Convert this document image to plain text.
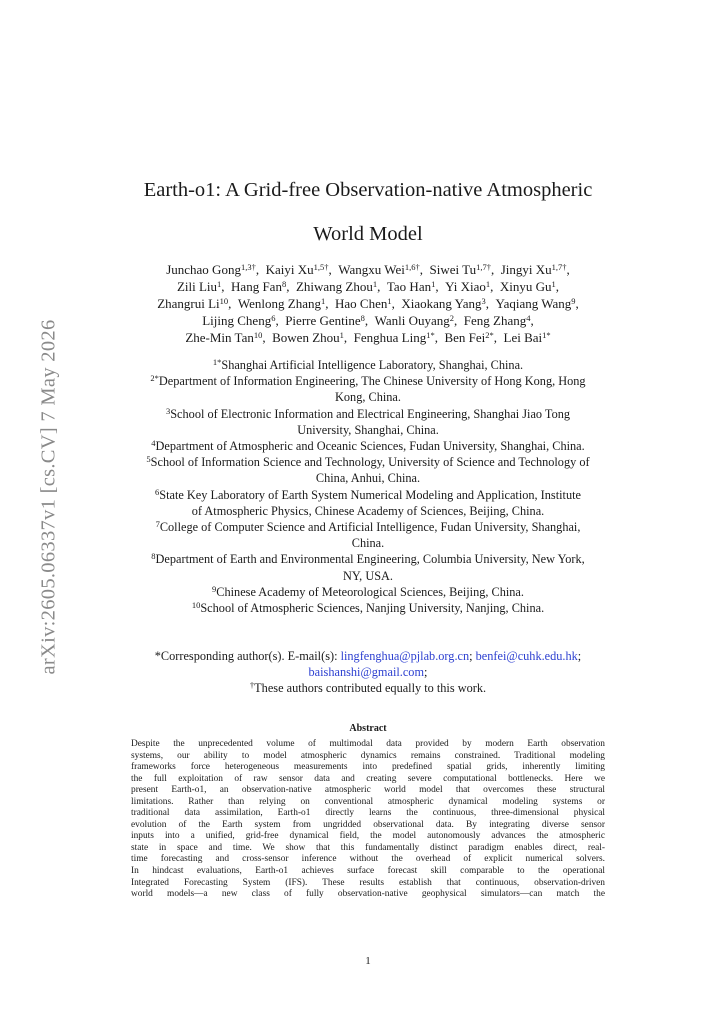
arXiv:2605.06337v1 [cs.CV] 7 May 2026
Earth-o1: A Grid-free Observation-native Atmospheric
World Model
Junchao Gong$^{1,3\dagger}$,  Kaiyi $Xu^{1,5\dagger}$,  Wangxu Wei$^{1,6\dagger}$,  Siwei $Tu^{1,7\dagger}$,  Jingyi $Xu^{1,7\dagger}$,
Zili Liu$^1$,  Hang Fan$^8$,  Zhiwang Zhou$^1$,  Tao Han$^1$,  Yi Xiao$^1$,  Xinyu Gu$^1$,
Zhangrui Li$^{10}$,  Wenlong Zhang$^1$,  Hao Chen$^1$,  Xiaokang Yang$^3$,  Yaqiang Wang$^9$,
Lijing Cheng$^6$,  Pierre Gentine$^8$,  Wanli Ouyang$^2$,  Feng Zhang$^4$,
Zhe-Min Tan$^{10}$,  Bowen Zhou$^1$,  Fenghua Ling$^{1*}$,  Ben Fei$^{2*}$,  Lei Bai$^{1*}$
$^{1*}$Shanghai Artificial Intelligence Laboratory, Shanghai, China.
$^{2*}$Department of Information Engineering, The Chinese University of Hong Kong, Hong
Kong, China.
$^3$School of Electronic Information and Electrical Engineering, Shanghai Jiao Tong
University, Shanghai, China.
$^4$Department of Atmospheric and Oceanic Sciences, Fudan University, Shanghai, China.
$^5$School of Information Science and Technology, University of Science and Technology of
China, Anhui, China.
$^6$State Key Laboratory of Earth System Numerical Modeling and Application, Institute
of Atmospheric Physics, Chinese Academy of Sciences, Beijing, China.
$^7$College of Computer Science and Artificial Intelligence, Fudan University, Shanghai,
China.
$^8$Department of Earth and Environmental Engineering, Columbia University, New York,
NY, USA.
$^9$Chinese Academy of Meteorological Sciences, Beijing, China.
$^{10}$School of Atmospheric Sciences, Nanjing University, Nanjing, China.
*Corresponding author(s). E-mail(s): lingfenghua@pjlab.org.cn; benfei@cuhk.edu.hk;
baishanshi@gmail.com;
†These authors contributed equally to this work.
Abstract
Despite the unprecedented volume of multimodal data provided by modern Earth observation
systems, our ability to model atmospheric dynamics remains constrained. Traditional modeling
frameworks force heterogeneous measurements into predefined spatial grids, inherently limiting
the full exploitation of raw sensor data and creating severe computational bottlenecks. Here we
present Earth-o1, an observation-native atmospheric world model that overcomes these structural
limitations. Rather than relying on conventional atmospheric dynamical modeling systems or
traditional data assimilation, Earth-o1 directly learns the continuous, three-dimensional physical
evolution of the Earth system from ungridded observational data. By integrating diverse sensor
inputs into a unified, grid-free dynamical field, the model autonomously advances the atmospheric
state in space and time. We show that this fundamentally distinct paradigm enables direct, real-
time forecasting and cross-sensor inference without the overhead of explicit numerical solvers.
In hindcast evaluations, Earth-o1 achieves surface forecast skill comparable to the operational
Integrated Forecasting System (IFS). These results establish that continuous, observation-driven
world models—a new class of fully observation-native geophysical simulators—can match the
1
